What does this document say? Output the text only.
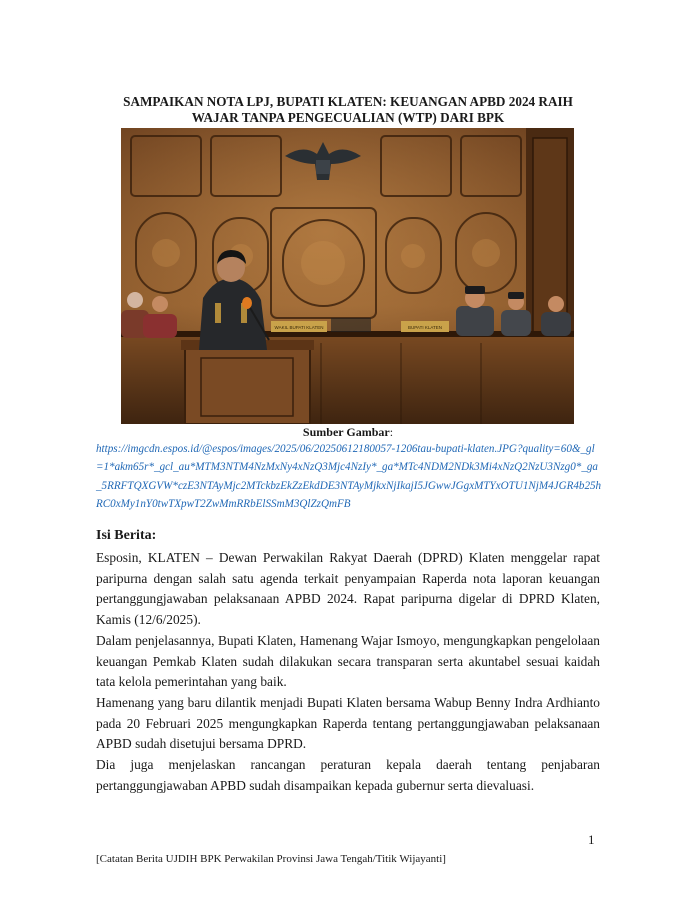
SAMPAIKAN NOTA LPJ, BUPATI KLATEN: KEUANGAN APBD 2024 RAIH
WAJAR TANPA PENGECUALIAN (WTP) DARI BPK
WAKIL BUPATI KLATEN	BUPATI KLATEN
Sumber Gambar:

https://imgcdn.espos.id/@espos/images/2025/06/20250612180057-1206tau-bupati-klaten.JPG?quality=60&_gl=1*akm65r*_gcl_au*MTM3NTM4NzMxNy4xNzQ3Mjc4NzIy*_ga*MTc4NDM2NDk3Mi4xNzQ2NzU3Nzg0*_ga_5RRFTQXGVW*czE3NTAyMjc2MTckbzEkZzEkdDE3NTAyMjkxNjIkajI5JGwwJGgxMTYxOTU1NjM4JGR4b25hRC0xMy1nY0twTXpwT2ZwMmRRbElSSmM3QlZzQmFB

Isi Berita:

Esposin, KLATEN – Dewan Perwakilan Rakyat Daerah (DPRD) Klaten menggelar rapat paripurna dengan salah satu agenda terkait penyampaian Raperda nota laporan keuangan pertanggungjawaban pelaksanaan APBD 2024. Rapat paripurna digelar di DPRD Klaten, Kamis (12/6/2025).

Dalam penjelasannya, Bupati Klaten, Hamenang Wajar Ismoyo, mengungkapkan pengelolaan keuangan Pemkab Klaten sudah dilakukan secara transparan serta akuntabel sesuai kaidah tata kelola pemerintahan yang baik.

Hamenang yang baru dilantik menjadi Bupati Klaten bersama Wabup Benny Indra Ardhianto pada 20 Februari 2025 mengungkapkan Raperda tentang pertanggungjawaban pelaksanaan APBD sudah disetujui bersama DPRD.

Dia juga menjelaskan rancangan peraturan kepala daerah tentang penjabaran pertanggungjawaban APBD sudah disampaikan kepada gubernur serta dievaluasi.

1
[Catatan Berita UJDIH BPK Perwakilan Provinsi Jawa Tengah/Titik Wijayanti]
